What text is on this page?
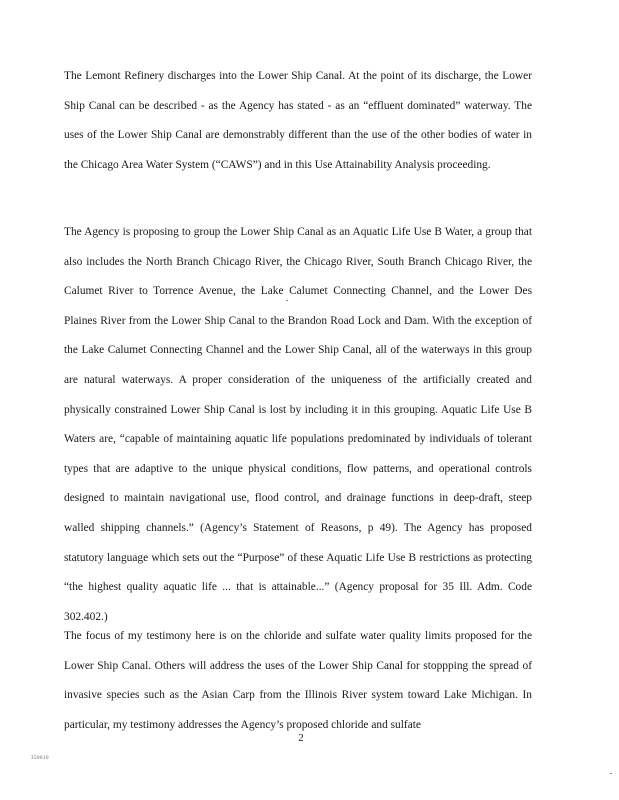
The Lemont Refinery discharges into the Lower Ship Canal. At the point of its discharge, the Lower Ship Canal can be described - as the Agency has stated - as an “effluent dominated” waterway. The uses of the Lower Ship Canal are demonstrably different than the use of the other bodies of water in the Chicago Area Water System (“CAWS”) and in this Use Attainability Analysis proceeding.

The Agency is proposing to group the Lower Ship Canal as an Aquatic Life Use B Water, a group that also includes the North Branch Chicago River, the Chicago River, South Branch Chicago River, the Calumet River to Torrence Avenue, the Lake Calumet Connecting Channel, and the Lower Des Plaines River from the Lower Ship Canal to the Brandon Road Lock and Dam. With the exception of the Lake Calumet Connecting Channel and the Lower Ship Canal, all of the waterways in this group are natural waterways. A proper consideration of the uniqueness of the artificially created and physically constrained Lower Ship Canal is lost by including it in this grouping. Aquatic Life Use B Waters are, “capable of maintaining aquatic life populations predominated by individuals of tolerant types that are adaptive to the unique physical conditions, flow patterns, and operational controls designed to maintain navigational use, flood control, and drainage functions in deep-draft, steep walled shipping channels.” (Agency’s Statement of Reasons, p 49). The Agency has proposed statutory language which sets out the “Purpose” of these Aquatic Life Use B restrictions as protecting “the highest quality aquatic life ... that is attainable...” (Agency proposal for 35 Ill. Adm. Code 302.402.)

The focus of my testimony here is on the chloride and sulfate water quality limits proposed for the Lower Ship Canal. Others will address the uses of the Lower Ship Canal for stoppping the spread of invasive species such as the Asian Carp from the Illinois River system toward Lake Michigan. In particular, my testimony addresses the Agency’s proposed chloride and sulfate

2
350610
